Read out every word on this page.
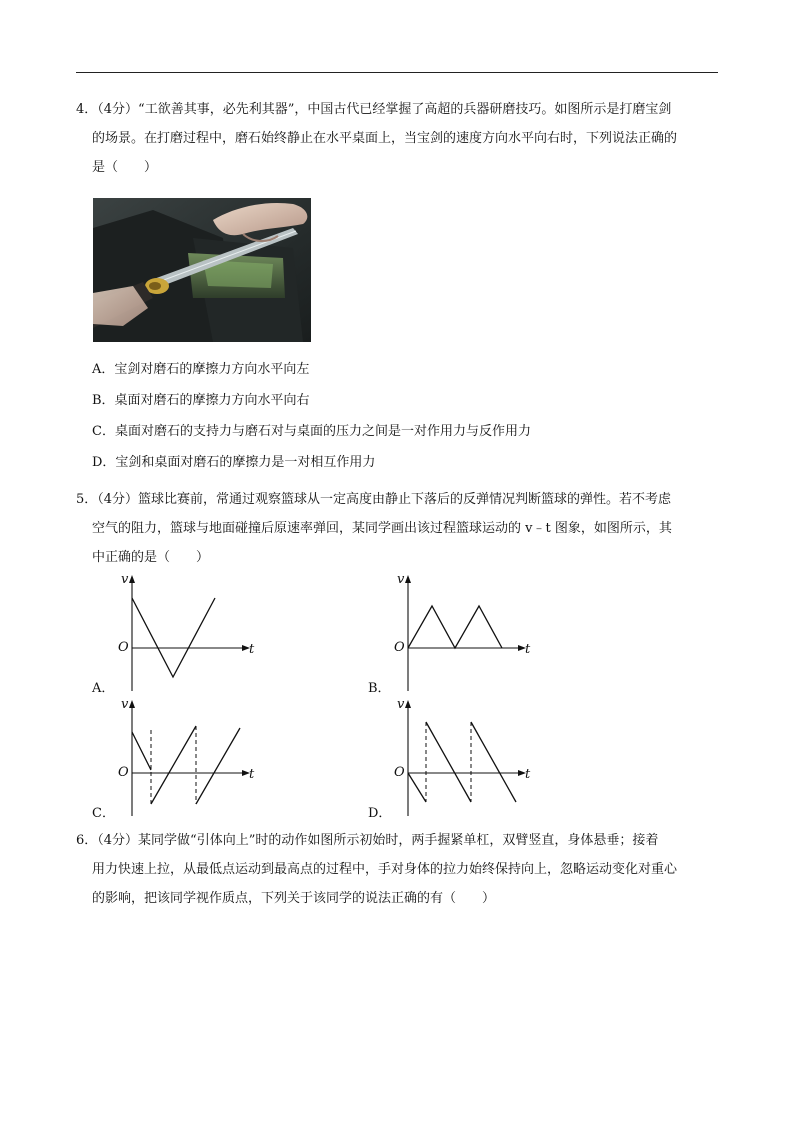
4．（4分）“工欲善其事，必先利其器”，中国古代已经掌握了高超的兵器研磨技巧。如图所示是打磨宝剑
的场景。在打磨过程中，磨石始终静止在水平桌面上，当宝剑的速度方向水平向右时，下列说法正确的
是（　　）
A．宝剑对磨石的摩擦力方向水平向左
B．桌面对磨石的摩擦力方向水平向右
C．桌面对磨石的支持力与磨石对与桌面的压力之间是一对作用力与反作用力
D．宝剑和桌面对磨石的摩擦力是一对相互作用力
5．（4分）篮球比赛前，常通过观察篮球从一定高度由静止下落后的反弹情况判断篮球的弹性。若不考虑
空气的阻力，篮球与地面碰撞后原速率弹回，某同学画出该过程篮球运动的 v﹣t 图象，如图所示，其
中正确的是（　　）
v
t
O
A．
v
t
O
B．
v
t
O
C．
v
t
O
D．
6．（4分）某同学做“引体向上”时的动作如图所示初始时，两手握紧单杠，双臂竖直，身体悬垂；接着
用力快速上拉，从最低点运动到最高点的过程中，手对身体的拉力始终保持向上，忽略运动变化对重心
的影响，把该同学视作质点，下列关于该同学的说法正确的有（　　）
